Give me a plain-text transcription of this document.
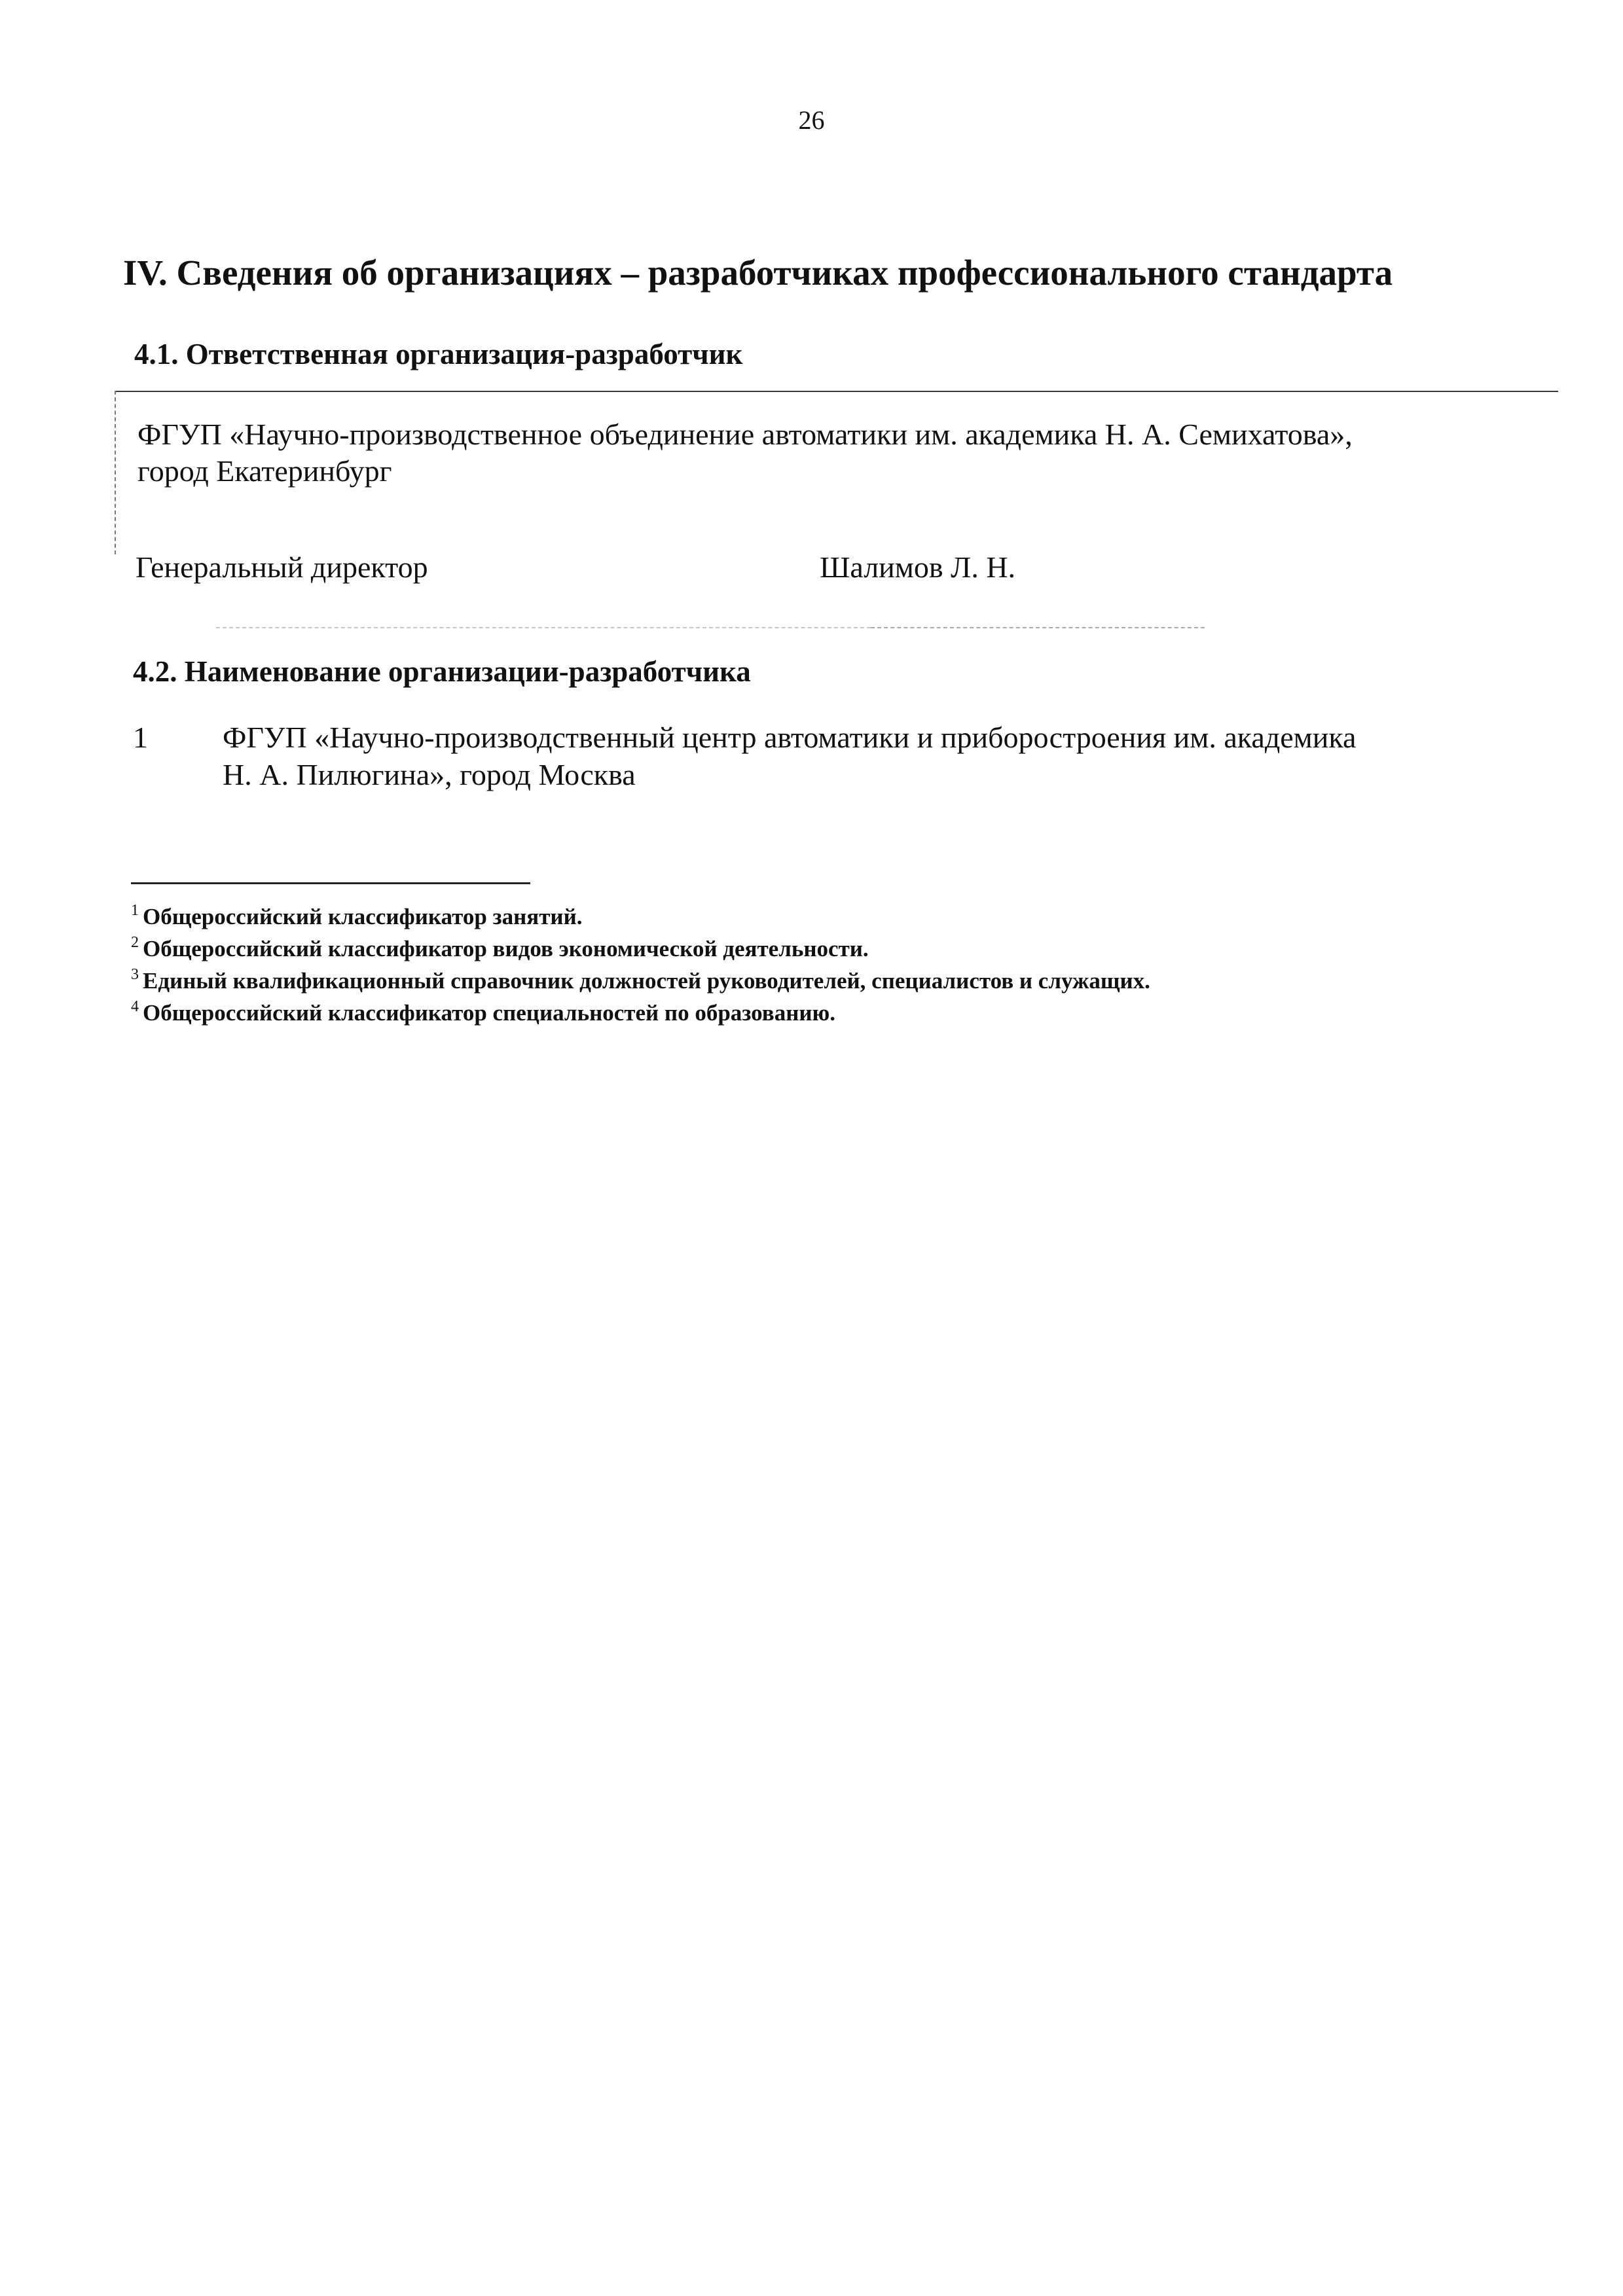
26
IV. Сведения об организациях – разработчиках профессионального стандарта
4.1. Ответственная организация-разработчик
ФГУП «Научно-производственное объединение автоматики им. академика Н. А. Семихатова»,
город Екатеринбург
Генеральный директор	Шалимов Л. Н.
4.2. Наименование организации-разработчика
1 ФГУП «Научно-производственный центр автоматики и приборостроения им. академика
Н. А. Пилюгина», город Москва
$^1$ Общероссийский классификатор занятий.
$^2$ Общероссийский классификатор видов экономической деятельности.
$^3$ Единый квалификационный справочник должностей руководителей, специалистов и служащих.
$^4$ Общероссийский классификатор специальностей по образованию.
